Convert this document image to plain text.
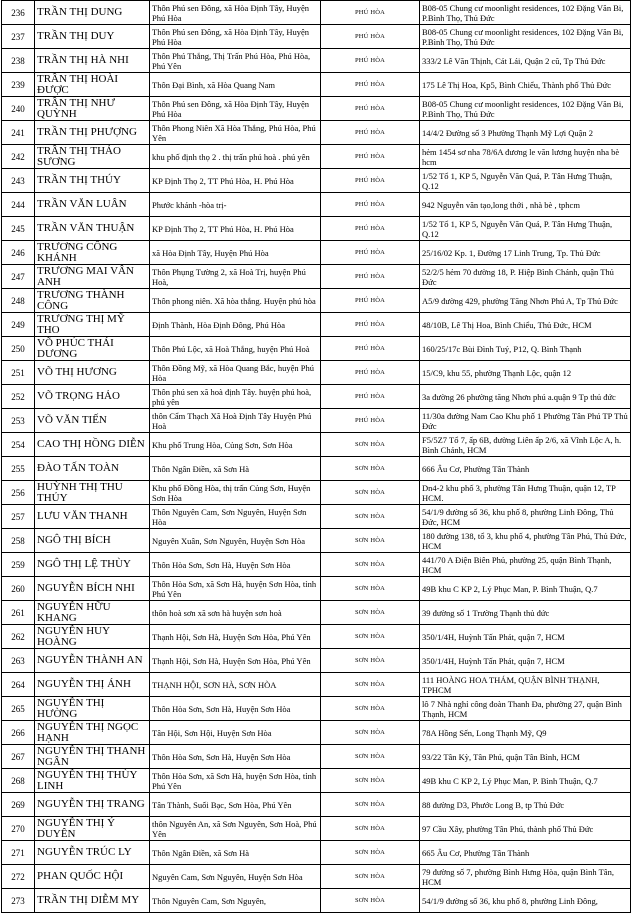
236	TRẦN THỊ DUNG	Thôn Phú sen Đông, xã Hòa Định Tây, Huyện Phú Hòa	PHÚ HÒA	B08-05 Chung cư moonlight residences, 102 Đặng Văn Bi, P.Bình Thọ, Thủ Đức
237	TRẦN THỊ DUY	Thôn Phú sen Đông, xã Hòa Định Tây, Huyện Phú Hòa	PHÚ HÒA	B08-05 Chung cư moonlight residences, 102 Đặng Văn Bi, P.Bình Thọ, Thủ Đức
238	TRẦN THỊ HÀ NHI	Thôn Phú Thắng, Thị Trấn Phú Hòa, Phú Hòa, Phú Yên	PHÚ HÒA	333/2 Lê Văn Thịnh, Cát Lái, Quận 2 cũ, Tp Thủ Đức
239	TRẦN THỊ HOÀI ĐƯỢC	Thôn Đại Bình, xã Hòa Quang Nam	PHÚ HÒA	175 Lê Thị Hoa, Kp5, Bình Chiểu, Thành phố Thủ Đức
240	TRẦN THỊ NHƯ QUỲNH	Thôn Phú sen Đông, xã Hòa Định Tây, Huyện Phú Hòa	PHÚ HÒA	B08-05 Chung cư moonlight residences, 102 Đặng Văn Bi, P.Bình Thọ, Thủ Đức
241	TRẦN THỊ PHƯỢNG	Thôn Phong Niên Xã Hòa Thắng, Phú Hòa, Phú Yên	PHÚ HÒA	14/4/2 Đường số 3 Phường Thạnh Mỹ Lợi Quận 2
242	TRẦN THỊ THẢO SƯƠNG	khu phố định thọ 2 . thị trấn phú hoà . phú yên	PHÚ HÒA	hẻm 1454 sơ nha 78/6A đương le văn lương huyện nha bè hcm
243	TRẦN THỊ THÚY	KP Định Thọ 2, TT Phú Hòa, H. Phú Hòa	PHÚ HÒA	1/52 Tổ 1, KP 5, Nguyễn Văn Quá, P. Tân Hưng Thuận, Q.12
244	TRẦN VĂN LUÂN	Phước khánh -hòa trị-	PHÚ HÒA	942 Nguyễn văn tạo,long thới , nhà bè , tphcm
245	TRẦN VĂN THUẬN	KP Định Thọ 2, TT Phú Hòa, H. Phú Hòa	PHÚ HÒA	1/52 Tổ 1, KP 5, Nguyễn Văn Quá, P. Tân Hưng Thuận, Q.12
246	TRƯƠNG CÔNG KHÁNH	xã Hòa Định Tây, Huyện Phú Hòa	PHÚ HÒA	25/16/02 Kp. 1, Đường 17 Linh Trung, Tp. Thủ Đức
247	TRƯƠNG MAI VÂN ANH	Thôn Phụng Tường 2, xã Hoà Trị, huyện Phú Hoà,	PHÚ HÒA	52/2/5 hẻm 70 đường 18, P. Hiệp Bình Chánh, quận Thủ Đức
248	TRƯƠNG THÀNH CÔNG	Thôn phong niên. Xã hòa thắng. Huyện phú hòa	PHÚ HÒA	A5/9 đường 429, phường Tăng Nhơn Phú A, Tp Thủ Đức
249	TRƯƠNG THỊ MỸ THO	Định Thành, Hòa Định Đông, Phú Hòa	PHÚ HÒA	48/10B, Lê Thị Hoa, Bình Chiểu, Thủ Đức, HCM
250	VÕ PHÚC THÁI DƯƠNG	Thôn Phú Lộc, xã Hoà Thắng, huyện Phú Hoà	PHÚ HÒA	160/25/17c Bùi Đình Tuý, P12, Q. Bình Thạnh
251	VÕ THỊ HƯƠNG	Thôn Đồng Mỹ, xã Hòa Quang Bắc, huyện Phú Hòa	PHÚ HÒA	15/C9, khu 55, phường Thạnh Lộc, quận 12
252	VÕ TRỌNG HẢO	Thôn phú sen xã hoà định Tây. huyện phú hoà, phú yên	PHÚ HÒA	3a đường 26 phường tăng Nhơn phú a.quận 9 Tp thủ đức
253	VÕ VĂN TIẾN	thôn Cẩm Thạch Xã Hoà Định Tây Huyện Phú Hoà	PHÚ HÒA	11/30a đường Nam Cao Khu phố 1 Phường Tân Phú TP Thủ Đức
254	CAO THỊ HỒNG DIỄN	Khu phố Trung Hòa, Củng Sơn, Sơn Hòa	SƠN HÒA	F5/5Z7 Tổ 7, ấp 6B, đường Liên ấp 2/6, xã Vĩnh Lộc A, h. Bình Chánh, HCM
255	ĐÀO TẤN TOÀN	Thôn Ngân Điền, xã Sơn Hà	SƠN HÒA	666 Âu Cơ, Phường Tân Thành
256	HUỲNH THỊ THU THỦY	Khu phố Đồng Hòa, thị trấn Củng Sơn, Huyện Sơn Hòa	SƠN HÒA	Dn4-2 khu phố 3, phường Tân Hưng Thuận, quận 12, TP HCM.
257	LƯU VĂN THANH	Thôn Nguyên Cam, Sơn Nguyên, Huyện Sơn Hòa	SƠN HÒA	54/1/9 đường số 36, khu phố 8, phường Linh Đông, Thủ Đức, HCM
258	NGÔ THỊ BÍCH	Nguyên Xuân, Sơn Nguyên, Huyện Sơn Hòa	SƠN HÒA	180 đường 138, tổ 3, khu phố 4, phường Tân Phú, Thủ Đức, HCM
259	NGÔ THỊ LỆ THÙY	Thôn Hòa Sơn, Sơn Hà, Huyện Sơn Hòa	SƠN HÒA	441/70 A Điện Biên Phủ, phường 25, quận Bình Thạnh, HCM
260	NGUYỄN BÍCH NHI	Thôn Hòa Sơn, xã Sơn Hà, huyện Sơn Hòa, tỉnh Phú Yên	SƠN HÒA	49B khu C KP 2, Lý Phục Man, P. Bình Thuận, Q.7
261	NGUYỄN HỮU KHANG	thôn hoà sơn xã sơn hà huyện sơn hoà	SƠN HÒA	39 đường số 1 Trường Thạnh thủ đức
262	NGUYỄN HUY HOÀNG	Thạnh Hội, Sơn Hà, Huyện Sơn Hòa, Phú Yên	SƠN HÒA	350/1/4H, Huỳnh Tấn Phát, quận 7, HCM
263	NGUYỄN THÀNH AN	Thạnh Hội, Sơn Hà, Huyện Sơn Hòa, Phú Yên	SƠN HÒA	350/1/4H, Huỳnh Tấn Phát, quận 7, HCM
264	NGUYỄN THỊ ÁNH	THẠNH HỘI, SƠN HÀ, SƠN HÒA	SƠN HÒA	111 HOÀNG HOA THÁM, QUẬN BÌNH THẠNH, TPHCM
265	NGUYỄN THỊ HƯỜNG	Thôn Hòa Sơn, Sơn Hà, Huyện Sơn Hòa	SƠN HÒA	lô 7 Nhà nghỉ công đoàn Thanh Đa, phường 27, quận Bình Thạnh, HCM
266	NGUYỄN THỊ NGỌC HẠNH	Tân Hội, Sơn Hội, Huyện Sơn Hòa	SƠN HÒA	78A Hồng Sến, Long Thạnh Mỹ, Q9
267	NGUYỄN THỊ THANH NGÂN	Thôn Hòa Sơn, Sơn Hà, Huyện Sơn Hòa	SƠN HÒA	93/22 Tân Kỳ, Tân Phú, quận Tân Bình, HCM
268	NGUYỄN THỊ THÙY LINH	Thôn Hòa Sơn, xã Sơn Hà, huyện Sơn Hòa, tỉnh Phú Yên	SƠN HÒA	49B khu C KP 2, Lý Phục Man, P. Bình Thuận, Q.7
269	NGUYỄN THỊ TRANG	Tân Thành, Suối Bạc, Sơn Hòa, Phú Yên	SƠN HÒA	88 đường D3, Phước Long B, tp Thủ Đức
270	NGUYỄN THỊ Ý DUYÊN	thôn Nguyên An, xã Sơn Nguyên, Sơn Hoà, Phú Yên	SƠN HÒA	97 Cầu Xây, phường Tân Phú, thành phố Thủ Đức
271	NGUYỄN TRÚC LY	Thôn Ngân Điền, xã Sơn Hà	SƠN HÒA	665 Âu Cơ, Phường Tân Thành
272	PHAN QUỐC HỘI	Nguyên Cam, Sơn Nguyên, Huyện Sơn Hòa	SƠN HÒA	79 đường số 7, phường Bình Hưng Hòa, quận Bình Tân, HCM
273	TRẦN THỊ DIỄM MY	Thôn Nguyên Cam, Sơn Nguyên,	SƠN HÒA	54/1/9 đường số 36, khu phố 8, phường Linh Đông,
